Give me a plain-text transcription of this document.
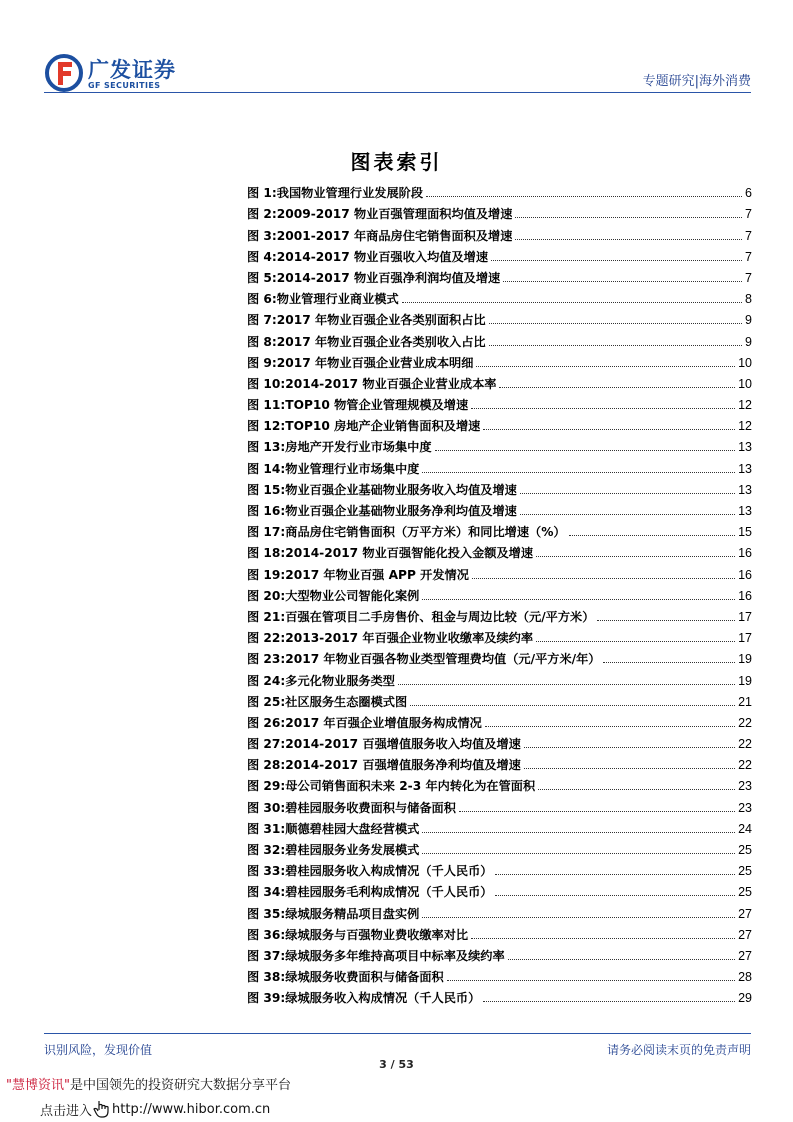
广发证券
GF SECURITIES	专题研究|海外消费
图表索引
图 1: 我国物业管理行业发展阶段	6
图 2: 2009-2017 物业百强管理面积均值及增速	7
图 3: 2001-2017 年商品房住宅销售面积及增速	7
图 4: 2014-2017 物业百强收入均值及增速	7
图 5: 2014-2017 物业百强净利润均值及增速	7
图 6: 物业管理行业商业模式	8
图 7: 2017 年物业百强企业各类别面积占比	9
图 8: 2017 年物业百强企业各类别收入占比	9
图 9: 2017 年物业百强企业营业成本明细	10
图 10: 2014-2017 物业百强企业营业成本率	10
图 11: TOP10 物管企业管理规模及增速	12
图 12: TOP10 房地产企业销售面积及增速	12
图 13: 房地产开发行业市场集中度	13
图 14: 物业管理行业市场集中度	13
图 15: 物业百强企业基础物业服务收入均值及增速	13
图 16: 物业百强企业基础物业服务净利均值及增速	13
图 17: 商品房住宅销售面积（万平方米）和同比增速（%）	15
图 18: 2014-2017 物业百强智能化投入金额及增速	16
图 19: 2017 年物业百强 APP 开发情况	16
图 20: 大型物业公司智能化案例	16
图 21: 百强在管项目二手房售价、租金与周边比较（元/平方米）	17
图 22: 2013-2017 年百强企业物业收缴率及续约率	17
图 23: 2017 年物业百强各物业类型管理费均值（元/平方米/年）	19
图 24: 多元化物业服务类型	19
图 25: 社区服务生态圈模式图	21
图 26: 2017 年百强企业增值服务构成情况	22
图 27: 2014-2017 百强增值服务收入均值及增速	22
图 28: 2014-2017 百强增值服务净利均值及增速	22
图 29: 母公司销售面积未来 2-3 年内转化为在管面积	23
图 30: 碧桂园服务收费面积与储备面积	23
图 31: 顺德碧桂园大盘经营模式	24
图 32: 碧桂园服务业务发展模式	25
图 33: 碧桂园服务收入构成情况（千人民币）	25
图 34: 碧桂园服务毛利构成情况（千人民币）	25
图 35: 绿城服务精品项目盘实例	27
图 36: 绿城服务与百强物业费收缴率对比	27
图 37: 绿城服务多年维持高项目中标率及续约率	27
图 38: 绿城服务收费面积与储备面积	28
图 39: 绿城服务收入构成情况（千人民币）	29
识别风险，发现价值	请务必阅读末页的免责声明
3 / 53
"慧博资讯"是中国领先的投资研究大数据分享平台
点击进入 http://www.hibor.com.cn
